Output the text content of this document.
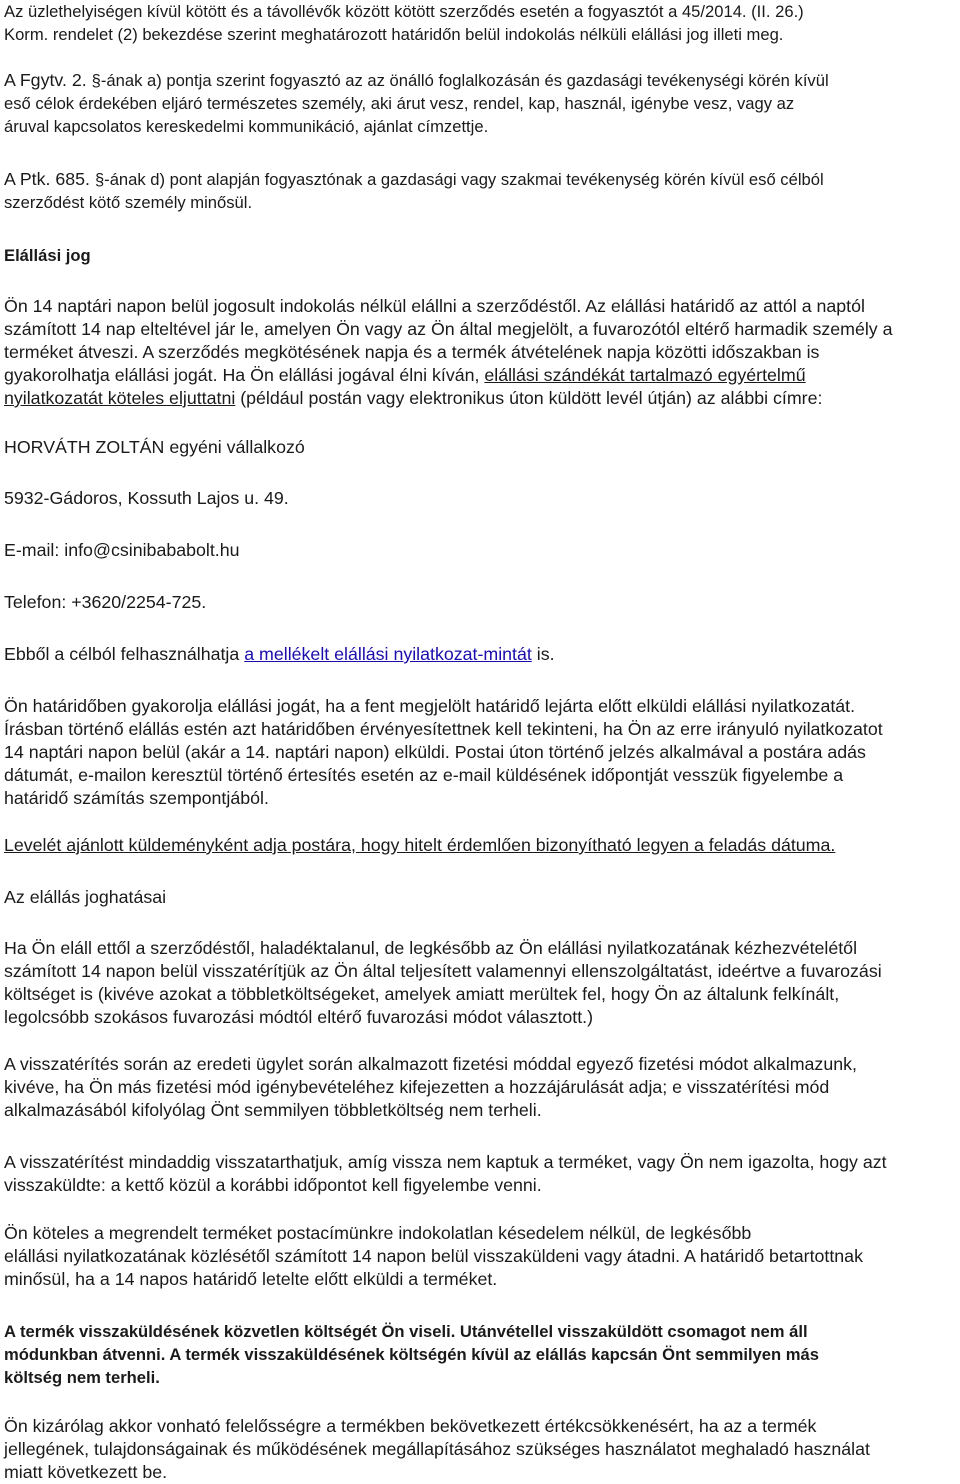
Az üzlethelyiségen kívül kötött és a távollévők között kötött szerződés esetén a fogyasztót a 45/2014. (II. 26.)
Korm. rendelet (2) bekezdése szerint meghatározott határidőn belül indokolás nélküli elállási jog illeti meg.
A Fgytv. 2. §-ának a) pontja szerint fogyasztó az az önálló foglalkozásán és gazdasági tevékenységi körén kívül
eső célok érdekében eljáró természetes személy, aki árut vesz, rendel, kap, használ, igénybe vesz, vagy az
áruval kapcsolatos kereskedelmi kommunikáció, ajánlat címzettje.
A Ptk. 685. §-ának d) pont alapján fogyasztónak a gazdasági vagy szakmai tevékenység körén kívül eső célból
szerződést kötő személy minősül.
Elállási jog
Ön 14 naptári napon belül jogosult indokolás nélkül elállni a szerződéstől. Az elállási határidő az attól a naptól
számított 14 nap elteltével jár le, amelyen Ön vagy az Ön által megjelölt, a fuvarozótól eltérő harmadik személy a
terméket átveszi. A szerződés megkötésének napja és a termék átvételének napja közötti időszakban is
gyakorolhatja elállási jogát. Ha Ön elállási jogával élni kíván, elállási szándékát tartalmazó egyértelmű
nyilatkozatát köteles eljuttatni (például postán vagy elektronikus úton küldött levél útján) az alábbi címre:
HORVÁTH ZOLTÁN egyéni vállalkozó
5932-Gádoros, Kossuth Lajos u. 49.
E-mail: info@csinibababolt.hu
Telefon: +3620/2254-725.
Ebből a célból felhasználhatja a mellékelt elállási nyilatkozat-mintát is.
Ön határidőben gyakorolja elállási jogát, ha a fent megjelölt határidő lejárta előtt elküldi elállási nyilatkozatát.
Írásban történő elállás estén azt határidőben érvényesítettnek kell tekinteni, ha Ön az erre irányuló nyilatkozatot
14 naptári napon belül (akár a 14. naptári napon) elküldi. Postai úton történő jelzés alkalmával a postára adás
dátumát, e-mailon keresztül történő értesítés esetén az e-mail küldésének időpontját vesszük figyelembe a
határidő számítás szempontjából.
Levelét ajánlott küldeményként adja postára, hogy hitelt érdemlően bizonyítható legyen a feladás dátuma.
Az elállás joghatásai
Ha Ön eláll ettől a szerződéstől, haladéktalanul, de legkésőbb az Ön elállási nyilatkozatának kézhezvételétől
számított 14 napon belül visszatérítjük az Ön által teljesített valamennyi ellenszolgáltatást, ideértve a fuvarozási
költséget is (kivéve azokat a többletköltségeket, amelyek amiatt merültek fel, hogy Ön az általunk felkínált,
legolcsóbb szokásos fuvarozási módtól eltérő fuvarozási módot választott.)
A visszatérítés során az eredeti ügylet során alkalmazott fizetési móddal egyező fizetési módot alkalmazunk,
kivéve, ha Ön más fizetési mód igénybevételéhez kifejezetten a hozzájárulását adja; e visszatérítési mód
alkalmazásából kifolyólag Önt semmilyen többletköltség nem terheli.
A visszatérítést mindaddig visszatarthatjuk, amíg vissza nem kaptuk a terméket, vagy Ön nem igazolta, hogy azt
visszaküldte: a kettő közül a korábbi időpontot kell figyelembe venni.
Ön köteles a megrendelt terméket postacímünkre indokolatlan késedelem nélkül, de legkésőbb
elállási nyilatkozatának közlésétől számított 14 napon belül visszaküldeni vagy átadni. A határidő betartottnak
minősül, ha a 14 napos határidő letelte előtt elküldi a terméket.
A termék visszaküldésének közvetlen költségét Ön viseli. Utánvétellel visszaküldött csomagot nem áll
módunkban átvenni. A termék visszaküldésének költségén kívül az elállás kapcsán Önt semmilyen más
költség nem terheli.
Ön kizárólag akkor vonható felelősségre a termékben bekövetkezett értékcsökkenésért, ha az a termék
jellegének, tulajdonságainak és működésének megállapításához szükséges használatot meghaladó használat
miatt következett be.
